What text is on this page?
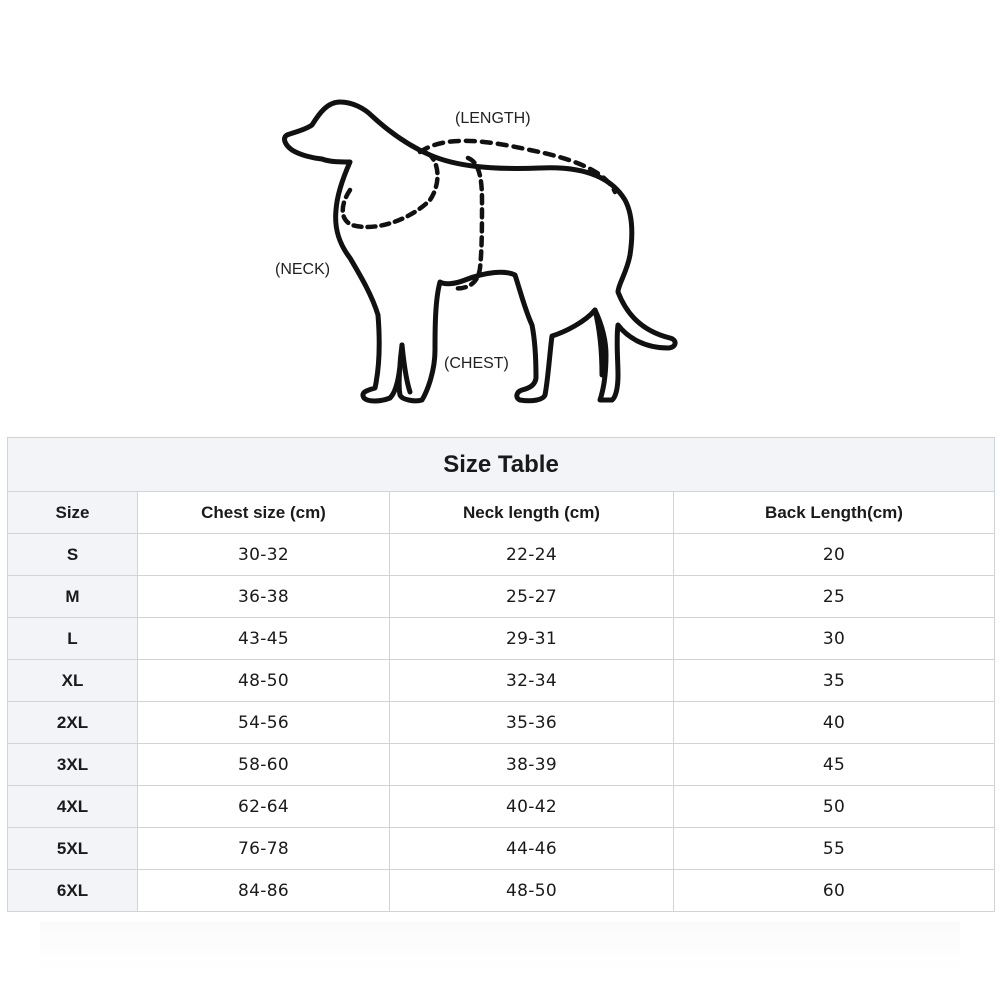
(LENGTH)
(NECK)
(CHEST)
Size Table			
Size	Chest size (cm)	Neck length (cm)	Back Length(cm)
S	30-32	22-24	20
M	36-38	25-27	25
L	43-45	29-31	30
XL	48-50	32-34	35
2XL	54-56	35-36	40
3XL	58-60	38-39	45
4XL	62-64	40-42	50
5XL	76-78	44-46	55
6XL	84-86	48-50	60
